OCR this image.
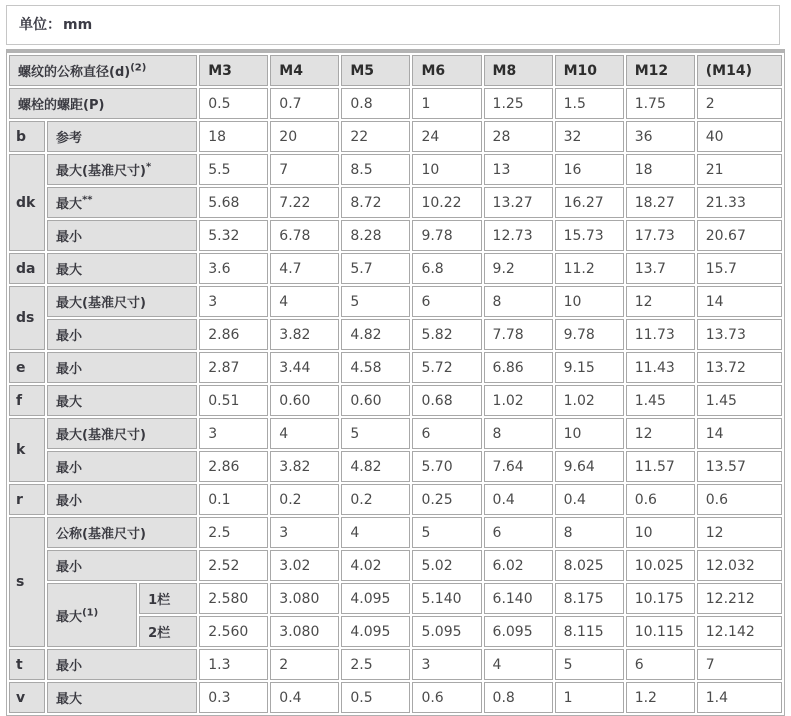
单位： mm
螺纹的公称直径$(d)^{(2)}$			M3	M4	M5	M6	M8	M10	M12	(M14)
螺栓的螺距(P)			0.5	0.7	0.8	1	1.25	1.5	1.75	2
b	参考		18	20	22	24	28	32	36	40
dk	最大(基准尺寸)*		5.5	7	8.5	10	13	16	18	21
	最大**		5.68	7.22	8.72	10.22	13.27	16.27	18.27	21.33
	最小		5.32	6.78	8.28	9.78	12.73	15.73	17.73	20.67
da	最大		3.6	4.7	5.7	6.8	9.2	11.2	13.7	15.7
ds	最大(基准尺寸)		3	4	5	6	8	10	12	14
	最小		2.86	3.82	4.82	5.82	7.78	9.78	11.73	13.73
e	最小		2.87	3.44	4.58	5.72	6.86	9.15	11.43	13.72
f	最大		0.51	0.60	0.60	0.68	1.02	1.02	1.45	1.45
k	最大(基准尺寸)		3	4	5	6	8	10	12	14
	最小		2.86	3.82	4.82	5.70	7.64	9.64	11.57	13.57
r	最小		0.1	0.2	0.2	0.25	0.4	0.4	0.6	0.6
s	公称(基准尺寸)		2.5	3	4	5	6	8	10	12
	最小		2.52	3.02	4.02	5.02	6.02	8.025	10.025	12.032
	最大$^{(1)}$	1栏	2.580	3.080	4.095	5.140	6.140	8.175	10.175	12.212
		2栏	2.560	3.080	4.095	5.095	6.095	8.115	10.115	12.142
t	最小		1.3	2	2.5	3	4	5	6	7
v	最大		0.3	0.4	0.5	0.6	0.8	1	1.2	1.4
